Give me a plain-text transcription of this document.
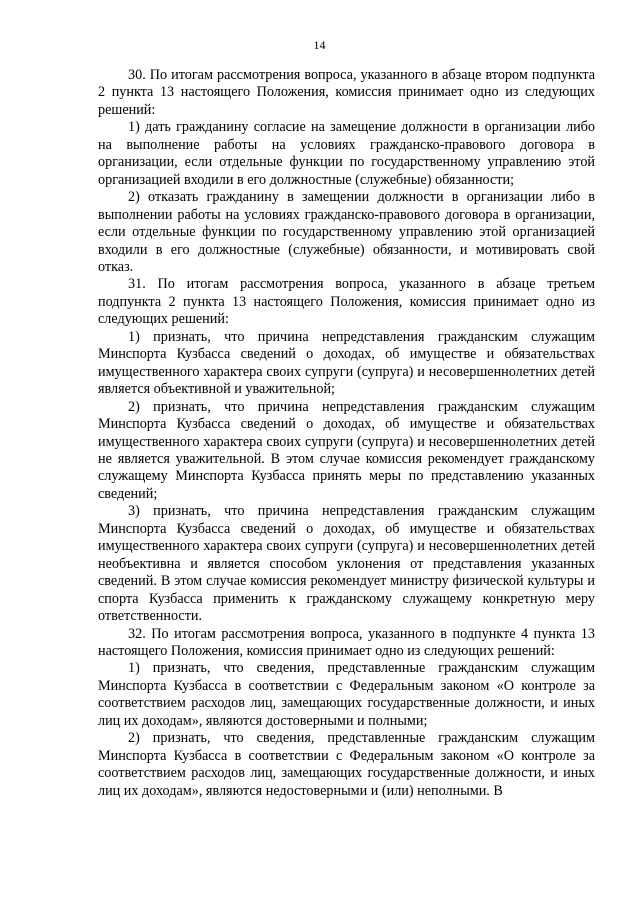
14

30. По итогам рассмотрения вопроса, указанного в абзаце втором подпункта 2 пункта 13 настоящего Положения, комиссия принимает одно из следующих решений:

1) дать гражданину согласие на замещение должности в организации либо на выполнение работы на условиях гражданско-правового договора в организации, если отдельные функции по государственному управлению этой организацией входили в его должностные (служебные) обязанности;

2) отказать гражданину в замещении должности в организации либо в выполнении работы на условиях гражданско-правового договора в организации, если отдельные функции по государственному управлению этой организацией входили в его должностные (служебные) обязанности, и мотивировать свой отказ.

31. По итогам рассмотрения вопроса, указанного в абзаце третьем подпункта 2 пункта 13 настоящего Положения, комиссия принимает одно из следующих решений:

1) признать, что причина непредставления гражданским служащим Минспорта Кузбасса сведений о доходах, об имуществе и обязательствах имущественного характера своих супруги (супруга) и несовершеннолетних детей является объективной и уважительной;

2) признать, что причина непредставления гражданским служащим Минспорта Кузбасса сведений о доходах, об имуществе и обязательствах имущественного характера своих супруги (супруга) и несовершеннолетних детей не является уважительной. В этом случае комиссия рекомендует гражданскому служащему Минспорта Кузбасса принять меры по представлению указанных сведений;

3) признать, что причина непредставления гражданским служащим Минспорта Кузбасса сведений о доходах, об имуществе и обязательствах имущественного характера своих супруги (супруга) и несовершеннолетних детей необъективна и является способом уклонения от представления указанных сведений. В этом случае комиссия рекомендует министру физической культуры и спорта Кузбасса применить к гражданскому служащему конкретную меру ответственности.

32. По итогам рассмотрения вопроса, указанного в подпункте 4 пункта 13 настоящего Положения, комиссия принимает одно из следующих решений:

1) признать, что сведения, представленные гражданским служащим Минспорта Кузбасса в соответствии с Федеральным законом «О контроле за соответствием расходов лиц, замещающих государственные должности, и иных лиц их доходам», являются достоверными и полными;

2) признать, что сведения, представленные гражданским служащим Минспорта Кузбасса в соответствии с Федеральным законом «О контроле за соответствием расходов лиц, замещающих государственные должности, и иных лиц их доходам», являются недостоверными и (или) неполными. В
